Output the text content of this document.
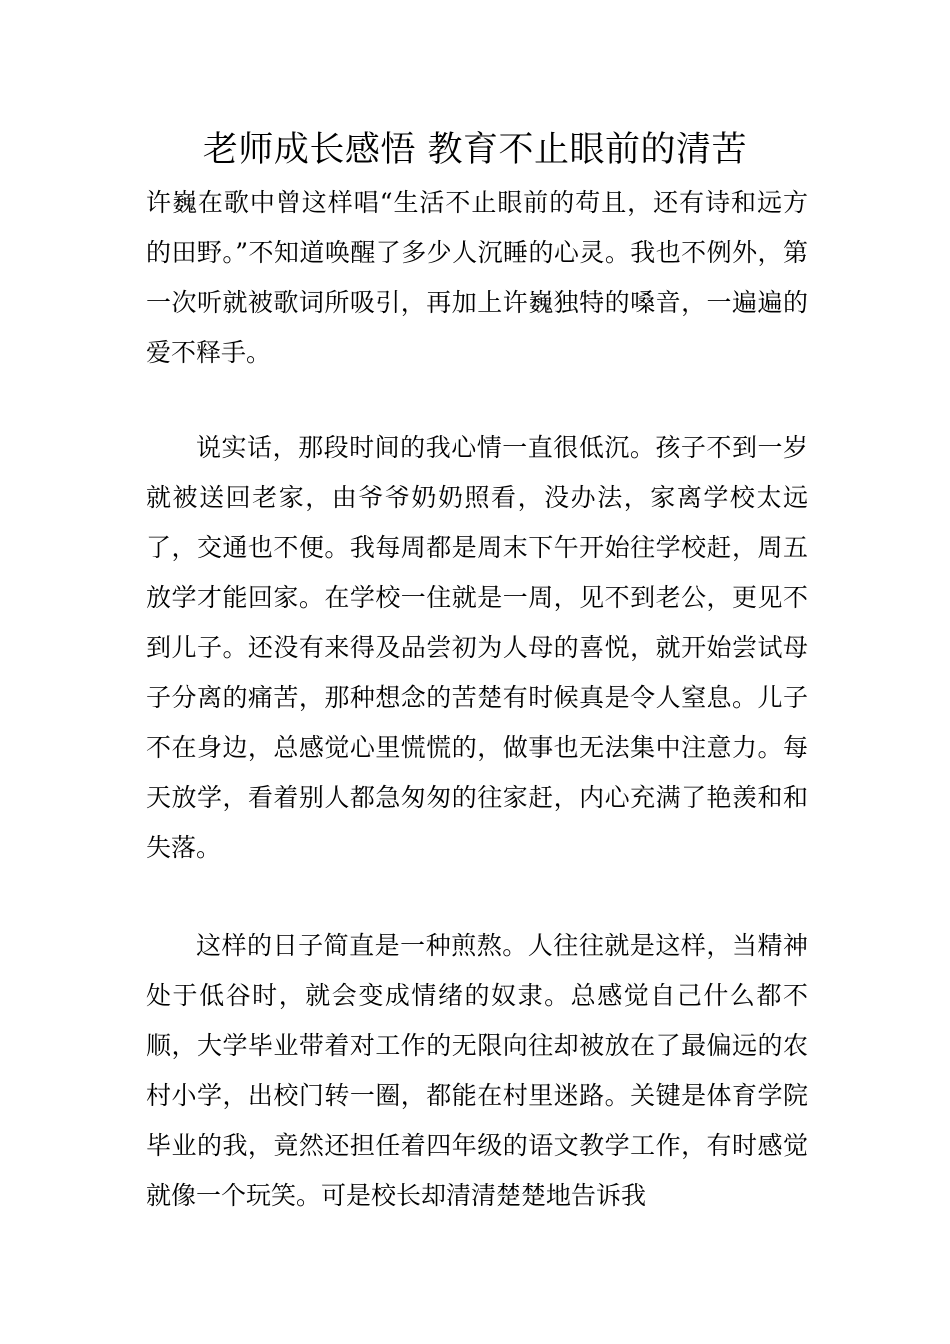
老师成长感悟 教育不止眼前的清苦

许巍在歌中曾这样唱“生活不止眼前的苟且，还有诗和远方的田野。”不知道唤醒了多少人沉睡的心灵。我也不例外，第一次听就被歌词所吸引，再加上许巍独特的嗓音，一遍遍的爱不释手。

说实话，那段时间的我心情一直很低沉。孩子不到一岁就被送回老家，由爷爷奶奶照看，没办法，家离学校太远了，交通也不便。我每周都是周末下午开始往学校赶，周五放学才能回家。在学校一住就是一周，见不到老公，更见不到儿子。还没有来得及品尝初为人母的喜悦，就开始尝试母子分离的痛苦，那种想念的苦楚有时候真是令人窒息。儿子不在身边，总感觉心里慌慌的，做事也无法集中注意力。每天放学，看着别人都急匆匆的往家赶，内心充满了艳羡和和失落。

这样的日子简直是一种煎熬。人往往就是这样，当精神处于低谷时，就会变成情绪的奴隶。总感觉自己什么都不顺，大学毕业带着对工作的无限向往却被放在了最偏远的农村小学，出校门转一圈，都能在村里迷路。关键是体育学院毕业的我，竟然还担任着四年级的语文教学工作，有时感觉就像一个玩笑。可是校长却清清楚楚地告诉我
